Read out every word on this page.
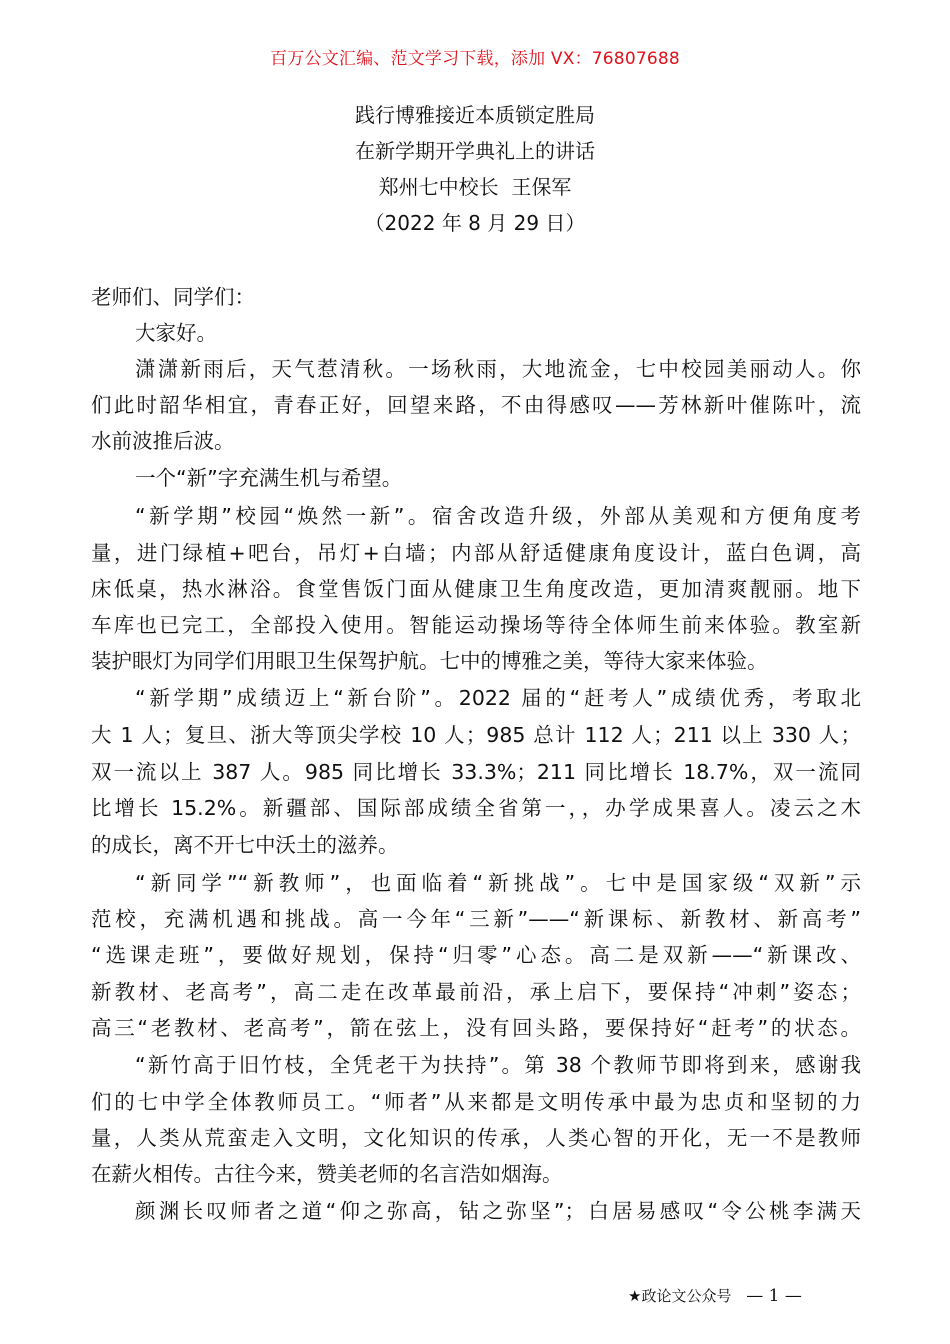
百万公文汇编、范文学习下载，添加 VX：76807688
践行博雅接近本质锁定胜局
在新学期开学典礼上的讲话
郑州七中校长  王保军
（2022 年 8 月 29 日）
老师们、同学们：
大家好。
潇潇新雨后，天气惹清秋。一场秋雨，大地流金，七中校园美丽动人。你
们此时韶华相宜，青春正好，回望来路，不由得感叹——芳林新叶催陈叶，流
水前波推后波。
一个“新”字充满生机与希望。
“新学期”校园“焕然一新”。宿舍改造升级，外部从美观和方便角度考
量，进门绿植+吧台，吊灯+白墙；内部从舒适健康角度设计，蓝白色调，高
床低桌，热水淋浴。食堂售饭门面从健康卫生角度改造，更加清爽靓丽。地下
车库也已完工，全部投入使用。智能运动操场等待全体师生前来体验。教室新
装护眼灯为同学们用眼卫生保驾护航。七中的博雅之美，等待大家来体验。
“新学期”成绩迈上“新台阶”。2022 届的“赶考人”成绩优秀，考取北
大 1 人；复旦、浙大等顶尖学校 10 人；985 总计 112 人；211 以上 330 人；
双一流以上 387 人。985 同比增长 33.3%；211 同比增长 18.7%，双一流同
比增长 15.2%。新疆部、国际部成绩全省第一，，办学成果喜人。凌云之木
的成长，离不开七中沃土的滋养。
“新同学”“新教师”，也面临着“新挑战”。七中是国家级“双新”示
范校，充满机遇和挑战。高一今年“三新”——“新课标、新教材、新高考”
“选课走班”，要做好规划，保持“归零”心态。高二是双新——“新课改、
新教材、老高考”，高二走在改革最前沿，承上启下，要保持“冲刺”姿态；
高三“老教材、老高考”，箭在弦上，没有回头路，要保持好“赶考”的状态。
“新竹高于旧竹枝，全凭老干为扶持”。第 38 个教师节即将到来，感谢我
们的七中学全体教师员工。“师者”从来都是文明传承中最为忠贞和坚韧的力
量，人类从荒蛮走入文明，文化知识的传承，人类心智的开化，无一不是教师
在薪火相传。古往今来，赞美老师的名言浩如烟海。
颜渊长叹师者之道“仰之弥高，钻之弥坚”；白居易感叹“令公桃李满天
★政论文公众号 — 1 —
